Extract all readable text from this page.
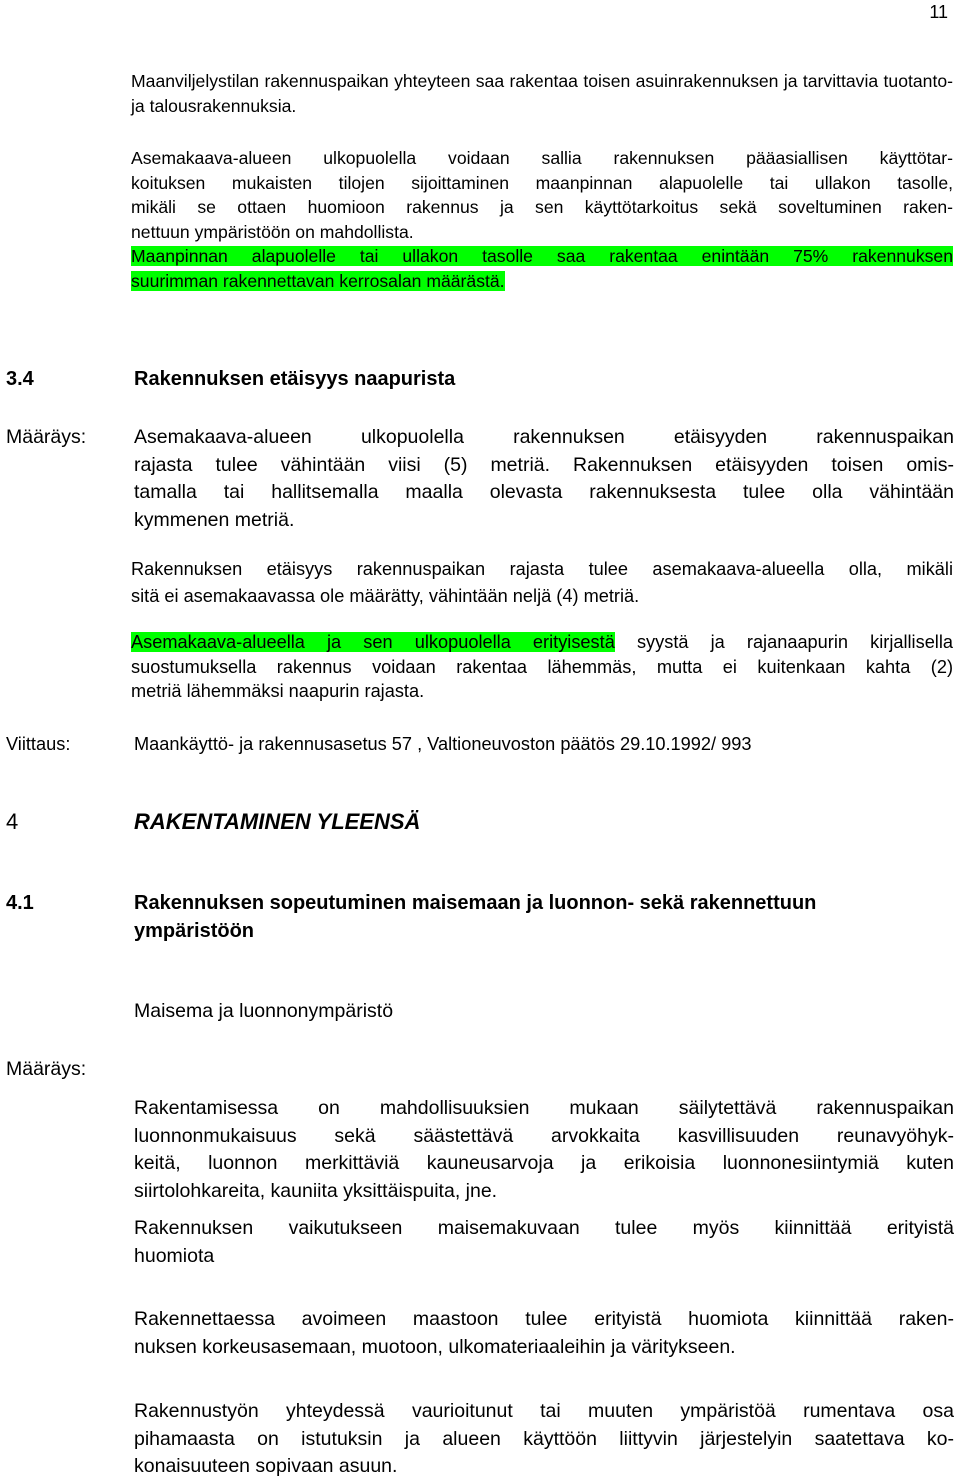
11
Maanviljelystilan rakennuspaikan yhteyteen saa rakentaa toisen asuinrakennuksen ja tarvittavia tuotanto- ja talousrakennuksia.
Asemakaava-alueen ulkopuolella voidaan sallia rakennuksen pääasiallisen käyttötar-
koituksen mukaisten tilojen sijoittaminen maanpinnan alapuolelle tai ullakon tasolle,
mikäli se ottaen huomioon rakennus ja sen käyttötarkoitus sekä soveltuminen raken-
nettuun ympäristöön on mahdollista.
Maanpinnan alapuolelle tai ullakon tasolle saa rakentaa enintään 75% rakennuksen
suurimman rakennettavan kerrosalan määrästä.
3.4	Rakennuksen etäisyys naapurista
Määräys: Asemakaava-alueen ulkopuolella rakennuksen etäisyyden rakennuspaikan
rajasta tulee vähintään viisi (5) metriä. Rakennuksen etäisyyden toisen omis-
tamalla tai hallitsemalla maalla olevasta rakennuksesta tulee olla vähintään
kymmenen metriä.
Rakennuksen etäisyys rakennuspaikan rajasta tulee asemakaava-alueella olla, mikäli
sitä ei asemakaavassa ole määrätty, vähintään neljä (4) metriä.
Asemakaava-alueella ja sen ulkopuolella erityisestä syystä ja rajanaapurin kirjallisella
suostumuksella rakennus voidaan rakentaa lähemmäs, mutta ei kuitenkaan kahta (2)
metriä lähemmäksi naapurin rajasta.
Viittaus:	Maankäyttö- ja rakennusasetus 57 , Valtioneuvoston päätös 29.10.1992/ 993
4	RAKENTAMINEN YLEENSÄ
4.1	Rakennuksen sopeutuminen maisemaan ja luonnon- sekä rakennettuun
ympäristöön
Maisema ja luonnonympäristö
Määräys:
Rakentamisessa on mahdollisuuksien mukaan säilytettävä rakennuspaikan
luonnonmukaisuus sekä säästettävä arvokkaita kasvillisuuden reunavyöhyk-
keitä, luonnon merkittäviä kauneusarvoja ja erikoisia luonnonesiintymiä kuten
siirtolohkareita, kauniita yksittäispuita, jne.
Rakennuksen vaikutukseen maisemakuvaan tulee myös kiinnittää erityistä
huomiota
Rakennettaessa avoimeen maastoon tulee erityistä huomiota kiinnittää raken-
nuksen korkeusasemaan, muotoon, ulkomateriaaleihin ja väritykseen.
Rakennustyön yhteydessä vaurioitunut tai muuten ympäristöä rumentava osa
pihamaasta on istutuksin ja alueen käyttöön liittyvin järjestelyin saatettava ko-
konaisuuteen sopivaan asuun.
